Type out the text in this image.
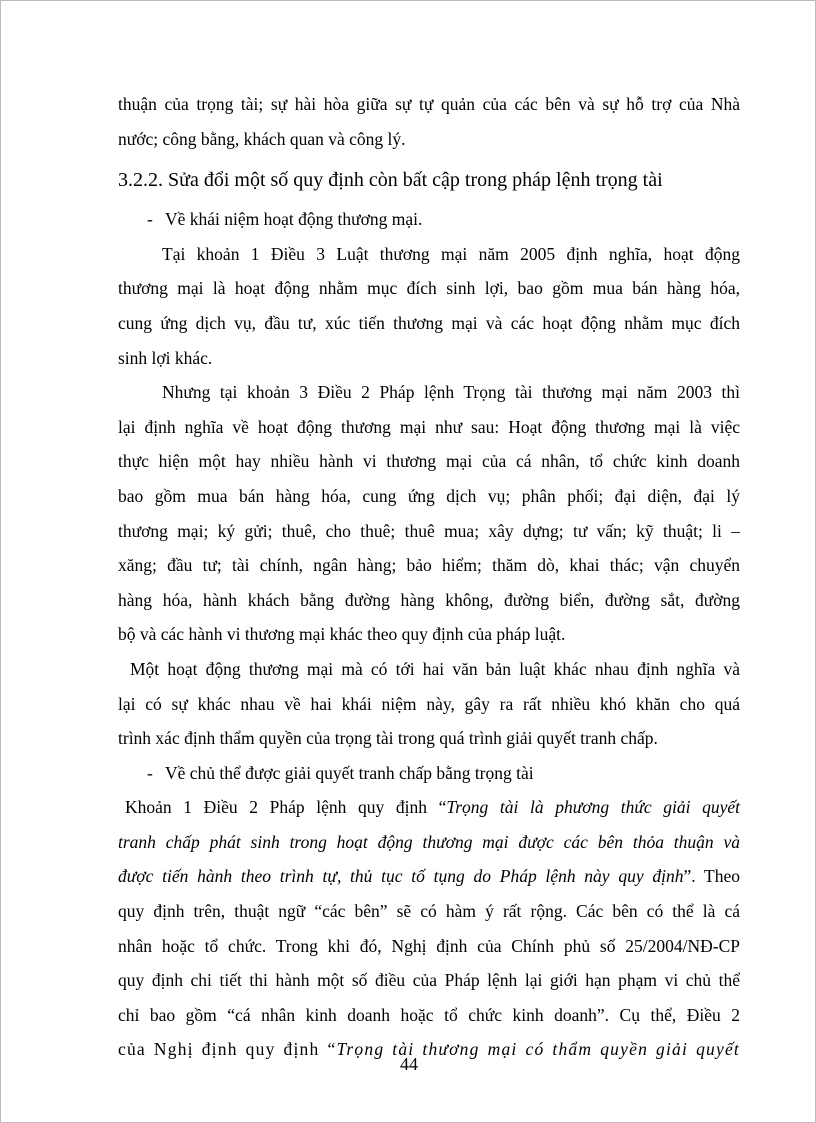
thuận của trọng tài; sự hài hòa giữa sự tự quản của các bên và sự hỗ trợ của Nhà
nước; công bằng, khách quan và công lý.
3.2.2. Sửa đổi một số quy định còn bất cập trong pháp lệnh trọng tài
- Về khái niệm hoạt động thương mại.
Tại khoản 1 Điều 3 Luật thương mại năm 2005 định nghĩa, hoạt động
thương mại là hoạt động nhằm mục đích sinh lợi, bao gồm mua bán hàng hóa,
cung ứng dịch vụ, đầu tư, xúc tiến thương mại và các hoạt động nhằm mục đích
sinh lợi khác.
Nhưng tại khoản 3 Điều 2 Pháp lệnh Trọng tài thương mại năm 2003 thì
lại định nghĩa về hoạt động thương mại như sau: Hoạt động thương mại là việc
thực hiện một hay nhiều hành vi thương mại của cá nhân, tổ chức kinh doanh
bao gồm mua bán hàng hóa, cung ứng dịch vụ; phân phối; đại diện, đại lý
thương mại; ký gửi; thuê, cho thuê; thuê mua; xây dựng; tư vấn; kỹ thuật; li –
xăng; đầu tư; tài chính, ngân hàng; bảo hiểm; thăm dò, khai thác; vận chuyển
hàng hóa, hành khách bằng đường hàng không, đường biển, đường sắt, đường
bộ và các hành vi thương mại khác theo quy định của pháp luật.
Một hoạt động thương mại mà có tới hai văn bản luật khác nhau định nghĩa và
lại có sự khác nhau về hai khái niệm này, gây ra rất nhiều khó khăn cho quá
trình xác định thẩm quyền của trọng tài trong quá trình giải quyết tranh chấp.
- Về chủ thể được giải quyết tranh chấp bằng trọng tài
Khoản 1 Điều 2 Pháp lệnh quy định “Trọng tài là phương thức giải quyết
tranh chấp phát sinh trong hoạt động thương mại được các bên thỏa thuận và
được tiến hành theo trình tự, thủ tục tố tụng do Pháp lệnh này quy định”. Theo
quy định trên, thuật ngữ “các bên” sẽ có hàm ý rất rộng. Các bên có thể là cá
nhân hoặc tổ chức. Trong khi đó, Nghị định của Chính phủ số 25/2004/NĐ-CP
quy định chi tiết thi hành một số điều của Pháp lệnh lại giới hạn phạm vi chủ thể
chỉ bao gồm “cá nhân kinh doanh hoặc tổ chức kinh doanh”. Cụ thể, Điều 2
của Nghị định quy định “Trọng tài thương mại có thẩm quyền giải quyết
44
